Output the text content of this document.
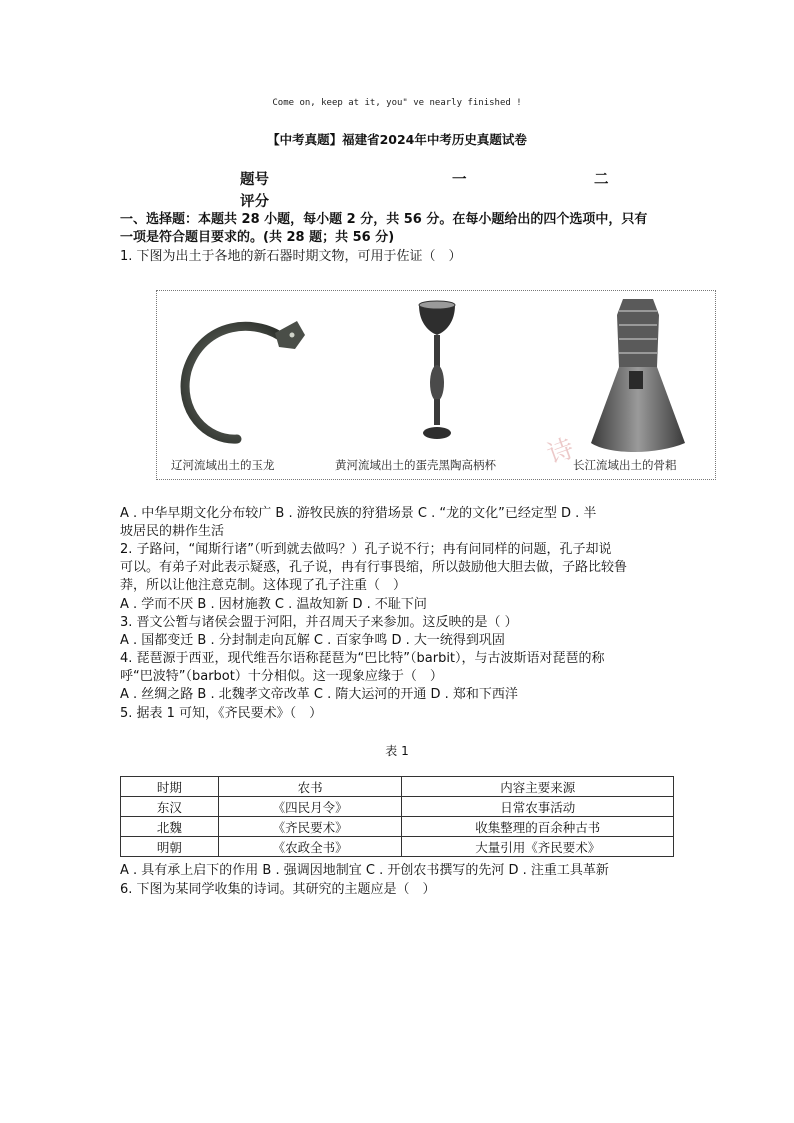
Come on, keep at it, you" ve nearly finished !
【中考真题】福建省2024年中考历史真题试卷
题号	一	二
评分
一、选择题：本题共 28 小题，每小题 2 分，共 56 分。在每小题给出的四个选项中，只有
一项是符合题目要求的。(共 28 题；共 56 分)
1. 下图为出土于各地的新石器时期文物，可用于佐证（　）
诗
辽河流域出土的玉龙	黄河流域出土的蛋壳黑陶高柄杯	长江流域出土的骨耜
A . 中华早期文化分布较广 B . 游牧民族的狩猎场景 C . “龙的文化”已经定型 D . 半
坡居民的耕作生活
2. 子路问，“闻斯行诸”（听到就去做吗？）孔子说不行；冉有问同样的问题，孔子却说
可以。有弟子对此表示疑惑，孔子说，冉有行事畏缩，所以鼓励他大胆去做，子路比较鲁
莽，所以让他注意克制。这体现了孔子注重（　）
A . 学而不厌 B . 因材施教 C . 温故知新 D . 不耻下问
3. 晋文公暂与诸侯会盟于河阳，并召周天子来参加。这反映的是（ ）
A . 国都变迁 B . 分封制走向瓦解 C . 百家争鸣 D . 大一统得到巩固
4. 琵琶源于西亚，现代维吾尔语称琵琶为“巴比特”（barbit），与古波斯语对琵琶的称
呼“巴波特”（barbot）十分相似。这一现象应缘于（　）
A . 丝绸之路 B . 北魏孝文帝改革 C . 隋大运河的开通 D . 郑和下西洋
5. 据表 1 可知，《齐民要术》（　）
表 1
时期	农书	内容主要来源
东汉	《四民月令》	日常农事活动
北魏	《齐民要术》	收集整理的百余种古书
明朝	《农政全书》	大量引用《齐民要术》
A . 具有承上启下的作用 B . 强调因地制宜 C . 开创农书撰写的先河 D . 注重工具革新
6. 下图为某同学收集的诗词。其研究的主题应是（　）
